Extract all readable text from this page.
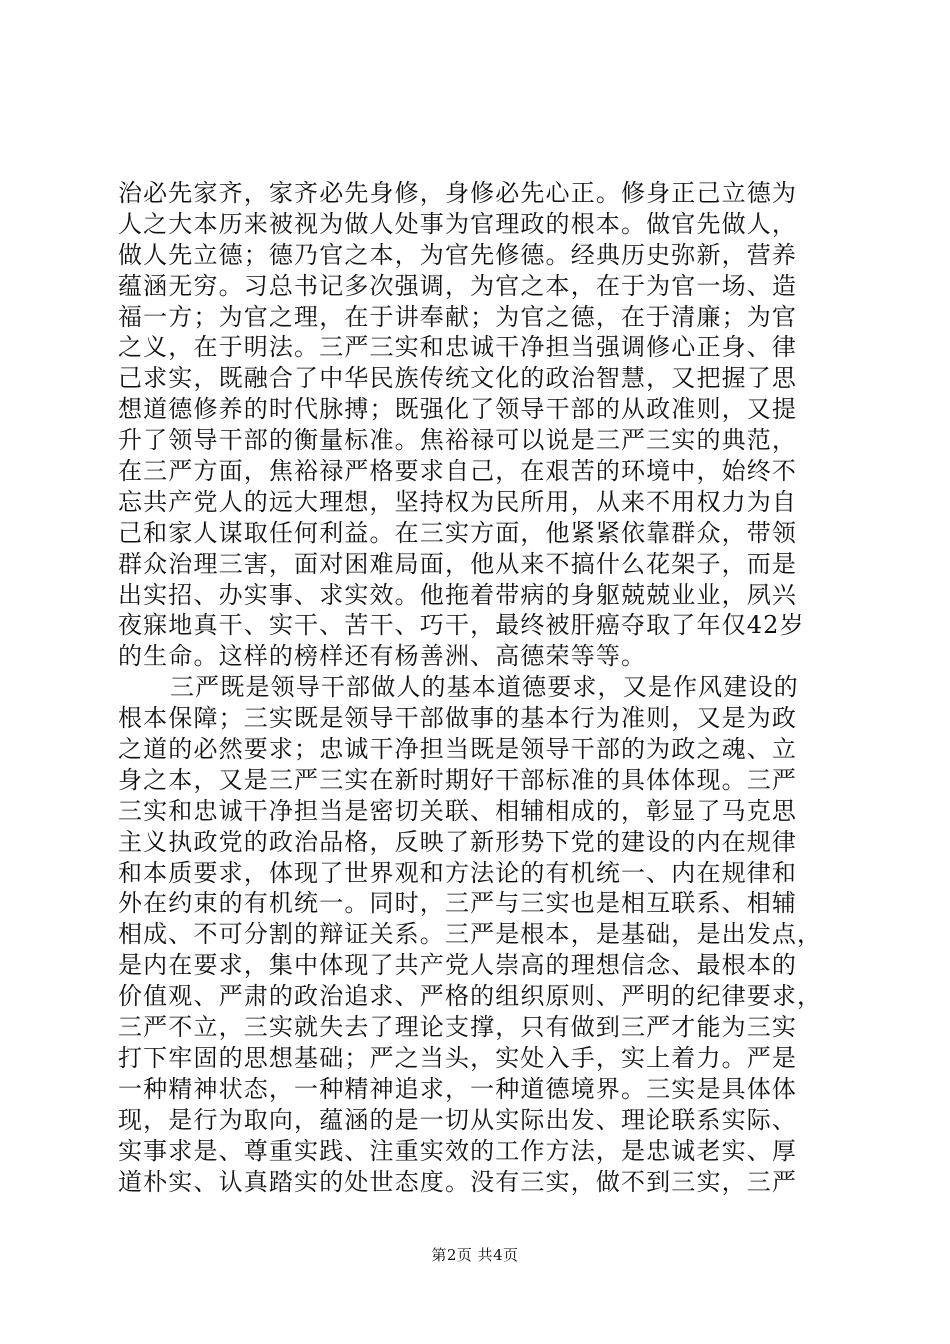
治必先家齐，家齐必先身修，身修必先心正。修身正己立德为
人之大本历来被视为做人处事为官理政的根本。做官先做人，
做人先立德；德乃官之本，为官先修德。经典历史弥新，营养
蕴涵无穷。习总书记多次强调，为官之本，在于为官一场、造
福一方；为官之理，在于讲奉献；为官之德，在于清廉；为官
之义，在于明法。三严三实和忠诚干净担当强调修心正身、律
己求实，既融合了中华民族传统文化的政治智慧，又把握了思
想道德修养的时代脉搏；既强化了领导干部的从政准则，又提
升了领导干部的衡量标准。焦裕禄可以说是三严三实的典范，
在三严方面，焦裕禄严格要求自己，在艰苦的环境中，始终不
忘共产党人的远大理想，坚持权为民所用，从来不用权力为自
己和家人谋取任何利益。在三实方面，他紧紧依靠群众，带领
群众治理三害，面对困难局面，他从来不搞什么花架子，而是
出实招、办实事、求实效。他拖着带病的身躯兢兢业业，夙兴
夜寐地真干、实干、苦干、巧干，最终被肝癌夺取了年仅42岁
的生命。这样的榜样还有杨善洲、高德荣等等。
三严既是领导干部做人的基本道德要求，又是作风建设的
根本保障；三实既是领导干部做事的基本行为准则，又是为政
之道的必然要求；忠诚干净担当既是领导干部的为政之魂、立
身之本，又是三严三实在新时期好干部标准的具体体现。三严
三实和忠诚干净担当是密切关联、相辅相成的，彰显了马克思
主义执政党的政治品格，反映了新形势下党的建设的内在规律
和本质要求，体现了世界观和方法论的有机统一、内在规律和
外在约束的有机统一。同时，三严与三实也是相互联系、相辅
相成、不可分割的辩证关系。三严是根本，是基础，是出发点，
是内在要求，集中体现了共产党人崇高的理想信念、最根本的
价值观、严肃的政治追求、严格的组织原则、严明的纪律要求，
三严不立，三实就失去了理论支撑，只有做到三严才能为三实
打下牢固的思想基础；严之当头，实处入手，实上着力。严是
一种精神状态，一种精神追求，一种道德境界。三实是具体体
现，是行为取向，蕴涵的是一切从实际出发、理论联系实际、
实事求是、尊重实践、注重实效的工作方法，是忠诚老实、厚
道朴实、认真踏实的处世态度。没有三实，做不到三实，三严
第2页 共4页
